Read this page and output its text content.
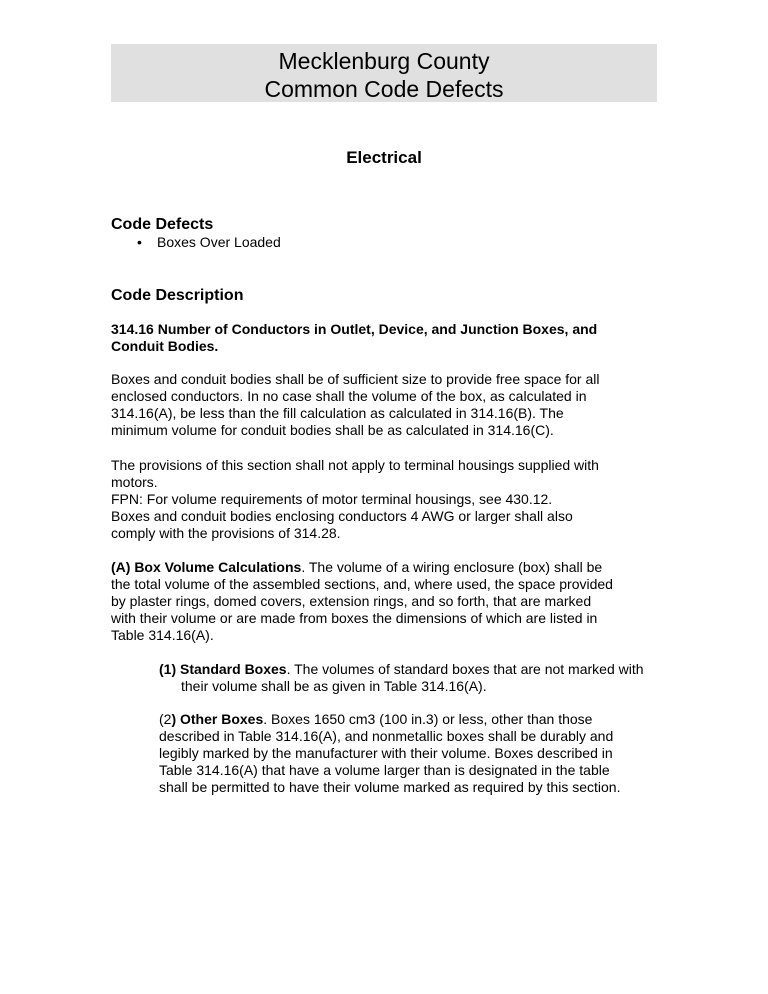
Mecklenburg County
Common Code Defects
Electrical
Code Defects
• Boxes Over Loaded
Code Description
314.16 Number of Conductors in Outlet, Device, and Junction Boxes, and
Conduit Bodies.
Boxes and conduit bodies shall be of sufficient size to provide free space for all
enclosed conductors. In no case shall the volume of the box, as calculated in
314.16(A), be less than the fill calculation as calculated in 314.16(B). The
minimum volume for conduit bodies shall be as calculated in 314.16(C).
The provisions of this section shall not apply to terminal housings supplied with
motors.
FPN: For volume requirements of motor terminal housings, see 430.12.
Boxes and conduit bodies enclosing conductors 4 AWG or larger shall also
comply with the provisions of 314.28.
(A) Box Volume Calculations. The volume of a wiring enclosure (box) shall be
the total volume of the assembled sections, and, where used, the space provided
by plaster rings, domed covers, extension rings, and so forth, that are marked
with their volume or are made from boxes the dimensions of which are listed in
Table 314.16(A).
(1) Standard Boxes. The volumes of standard boxes that are not marked with their volume shall be as given in Table 314.16(A).
(2) Other Boxes. Boxes 1650 cm3 (100 in.3) or less, other than those
described in Table 314.16(A), and nonmetallic boxes shall be durably and
legibly marked by the manufacturer with their volume. Boxes described in
Table 314.16(A) that have a volume larger than is designated in the table
shall be permitted to have their volume marked as required by this section.
